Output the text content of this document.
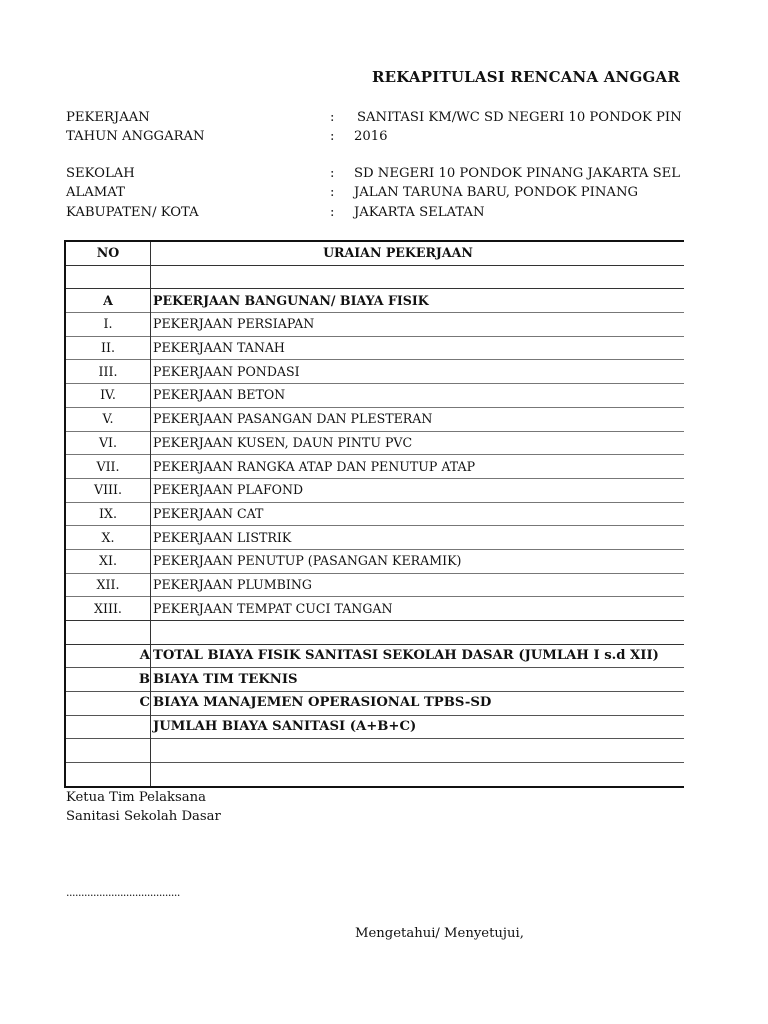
REKAPITULASI RENCANA ANGGAR
PEKERJAAN	: SANITASI KM/WC SD NEGERI 10 PONDOK PIN
TAHUN ANGGARAN	: 2016
SEKOLAH	: SD NEGERI 10 PONDOK PINANG JAKARTA SEL
ALAMAT	: JALAN TARUNA BARU, PONDOK PINANG
KABUPATEN/ KOTA	: JAKARTA SELATAN
NO	URAIAN PEKERJAAN

A	PEKERJAAN BANGUNAN/ BIAYA FISIK
I.	PEKERJAAN PERSIAPAN
II.	PEKERJAAN TANAH
III.	PEKERJAAN PONDASI
IV.	PEKERJAAN BETON
V.	PEKERJAAN PASANGAN DAN PLESTERAN
VI.	PEKERJAAN KUSEN, DAUN PINTU PVC
VII.	PEKERJAAN RANGKA ATAP DAN PENUTUP ATAP
VIII.	PEKERJAAN PLAFOND
IX.	PEKERJAAN CAT
X.	PEKERJAAN LISTRIK
XI.	PEKERJAAN PENUTUP (PASANGAN KERAMIK)
XII.	PEKERJAAN PLUMBING
XIII.	PEKERJAAN TEMPAT CUCI TANGAN

A	TOTAL BIAYA FISIK SANITASI SEKOLAH DASAR (JUMLAH I s.d XII)
B	BIAYA TIM TEKNIS
C	BIAYA MANAJEMEN OPERASIONAL TPBS-SD
	JUMLAH BIAYA SANITASI (A+B+C)

Ketua Tim Pelaksana
Sanitasi Sekolah Dasar
......................................
Mengetahui/ Menyetujui,
